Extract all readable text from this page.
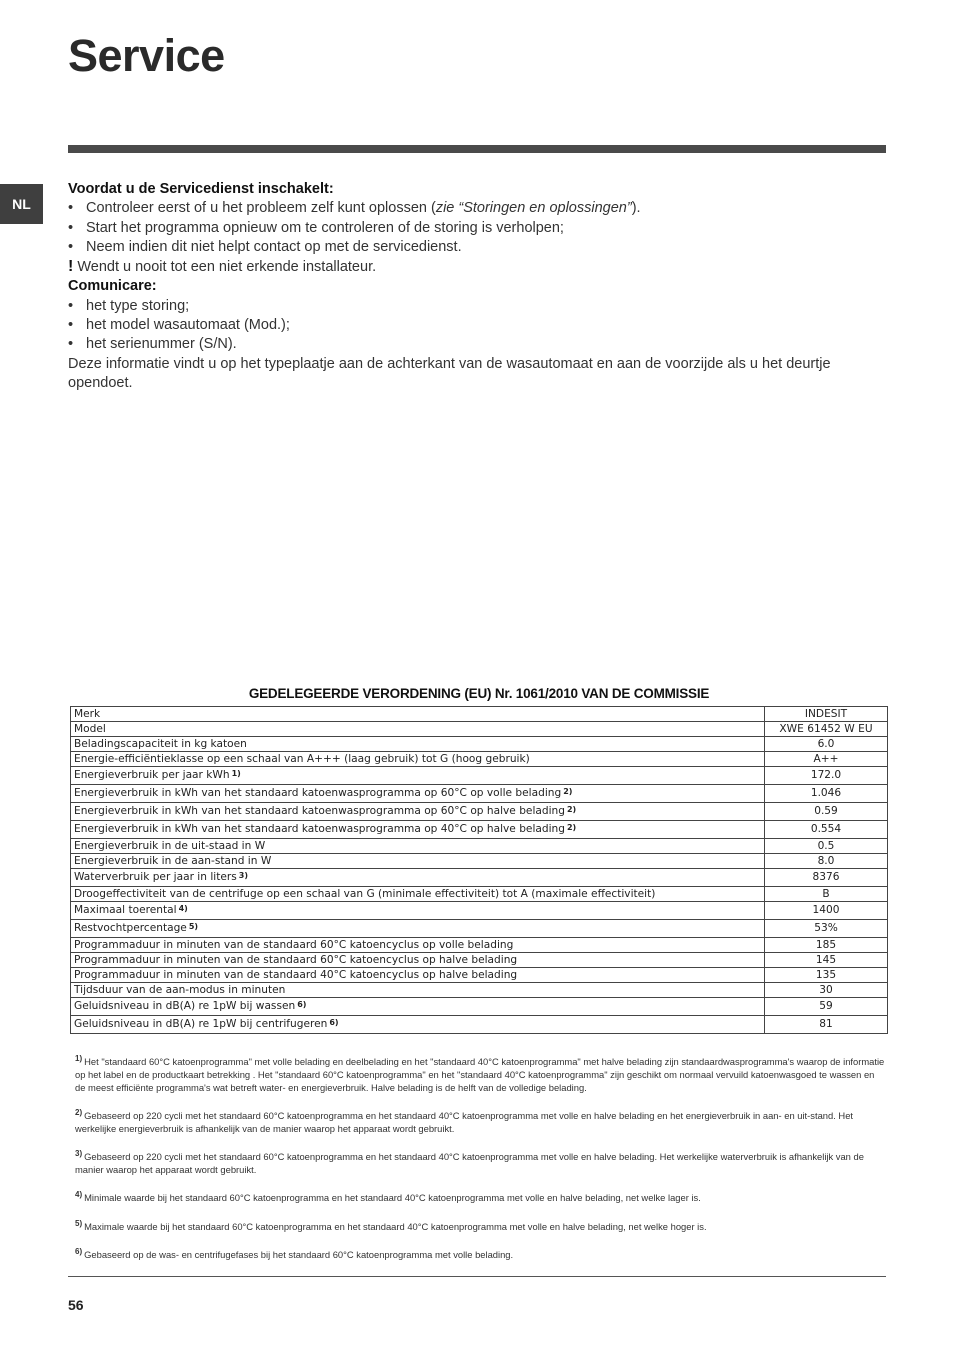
Service
NL

Voordat u de Servicedienst inschakelt:

• Controleer eerst of u het probleem zelf kunt oplossen (zie “Storingen en oplossingen”).
• Start het programma opnieuw om te controleren of de storing is verholpen;
• Neem indien dit niet helpt contact op met de servicedienst.

! Wendt u nooit tot een niet erkende installateur.

Comunicare:

• het type storing;
• het model wasautomaat (Mod.);
• het serienummer (S/N).

Deze informatie vindt u op het typeplaatje aan de achterkant van de wasautomaat en aan de voorzijde als u het deurtje opendoet.

GEDELEGEERDE VERORDENING (EU) Nr. 1061/2010 VAN DE COMMISSIE
Merk	INDESIT
Model	XWE 61452 W EU
Beladingscapaciteit in kg katoen	6.0
Energie-efficiëntieklasse op een schaal van A+++ (laag gebruik) tot G (hoog gebruik)	A++
Energieverbruik per jaar kWh $^{1)}$	172.0
Energieverbruik in kWh van het standaard katoenwasprogramma op 60°C op volle belading $^{2)}$	1.046
Energieverbruik in kWh van het standaard katoenwasprogramma op 60°C op halve belading $^{2)}$	0.59
Energieverbruik in kWh van het standaard katoenwasprogramma op 40°C op halve belading $^{2)}$	0.554
Energieverbruik in de uit-staad in W	0.5
Energieverbruik in de aan-stand in W	8.0
Waterverbruik per jaar in liters $^{3)}$	8376
Droogeffectiviteit van de centrifuge op een schaal van G (minimale effectiviteit) tot A (maximale effectiviteit)	B
Maximaal toerental $^{4)}$	1400
Restvochtpercentage $^{5)}$	53%
Programmaduur in minuten van de standaard 60°C katoencyclus op volle belading	185
Programmaduur in minuten van de standaard 60°C katoencyclus op halve belading	145
Programmaduur in minuten van de standaard 40°C katoencyclus op halve belading	135
Tijdsduur van de aan-modus in minuten	30
Geluidsniveau in dB(A) re 1pW bij wassen $^{6)}$	59
Geluidsniveau in dB(A) re 1pW bij centrifugeren $^{6)}$	81
$^{1)}$ Het "standaard 60°C katoenprogramma" met volle belading en deelbelading en het "standaard 40°C katoenprogramma" met halve belading zijn standaardwasprogramma's waarop de informatie op het label en de productkaart betrekking . Het "standaard 60°C katoenprogramma" en het "standaard 40°C katoenprogramma" zijn geschikt om normaal vervuild katoenwasgoed te wassen en de meest efficiënte programma's wat betreft water- en energieverbruik. Halve belading is de helft van de volledige belading.
$^{2)}$ Gebaseerd op 220 cycli met het standaard 60°C katoenprogramma en het standaard 40°C katoenprogramma met volle en halve belading en het energieverbruik in aan- en uit-stand. Het werkelijke energieverbruik is afhankelijk van de manier waarop het apparaat wordt gebruikt.
$^{3)}$ Gebaseerd op 220 cycli met het standaard 60°C katoenprogramma en het standaard 40°C katoenprogramma met volle en halve belading. Het werkelijke waterverbruik is afhankelijk van de manier waarop het apparaat wordt gebruikt.
$^{4)}$ Minimale waarde bij het standaard 60°C katoenprogramma en het standaard 40°C katoenprogramma met volle en halve belading, net welke lager is.
$^{5)}$ Maximale waarde bij het standaard 60°C katoenprogramma en het standaard 40°C katoenprogramma met volle en halve belading, net welke hoger is.
$^{6)}$ Gebaseerd op de was- en centrifugefases bij het standaard 60°C katoenprogramma met volle belading.
56
